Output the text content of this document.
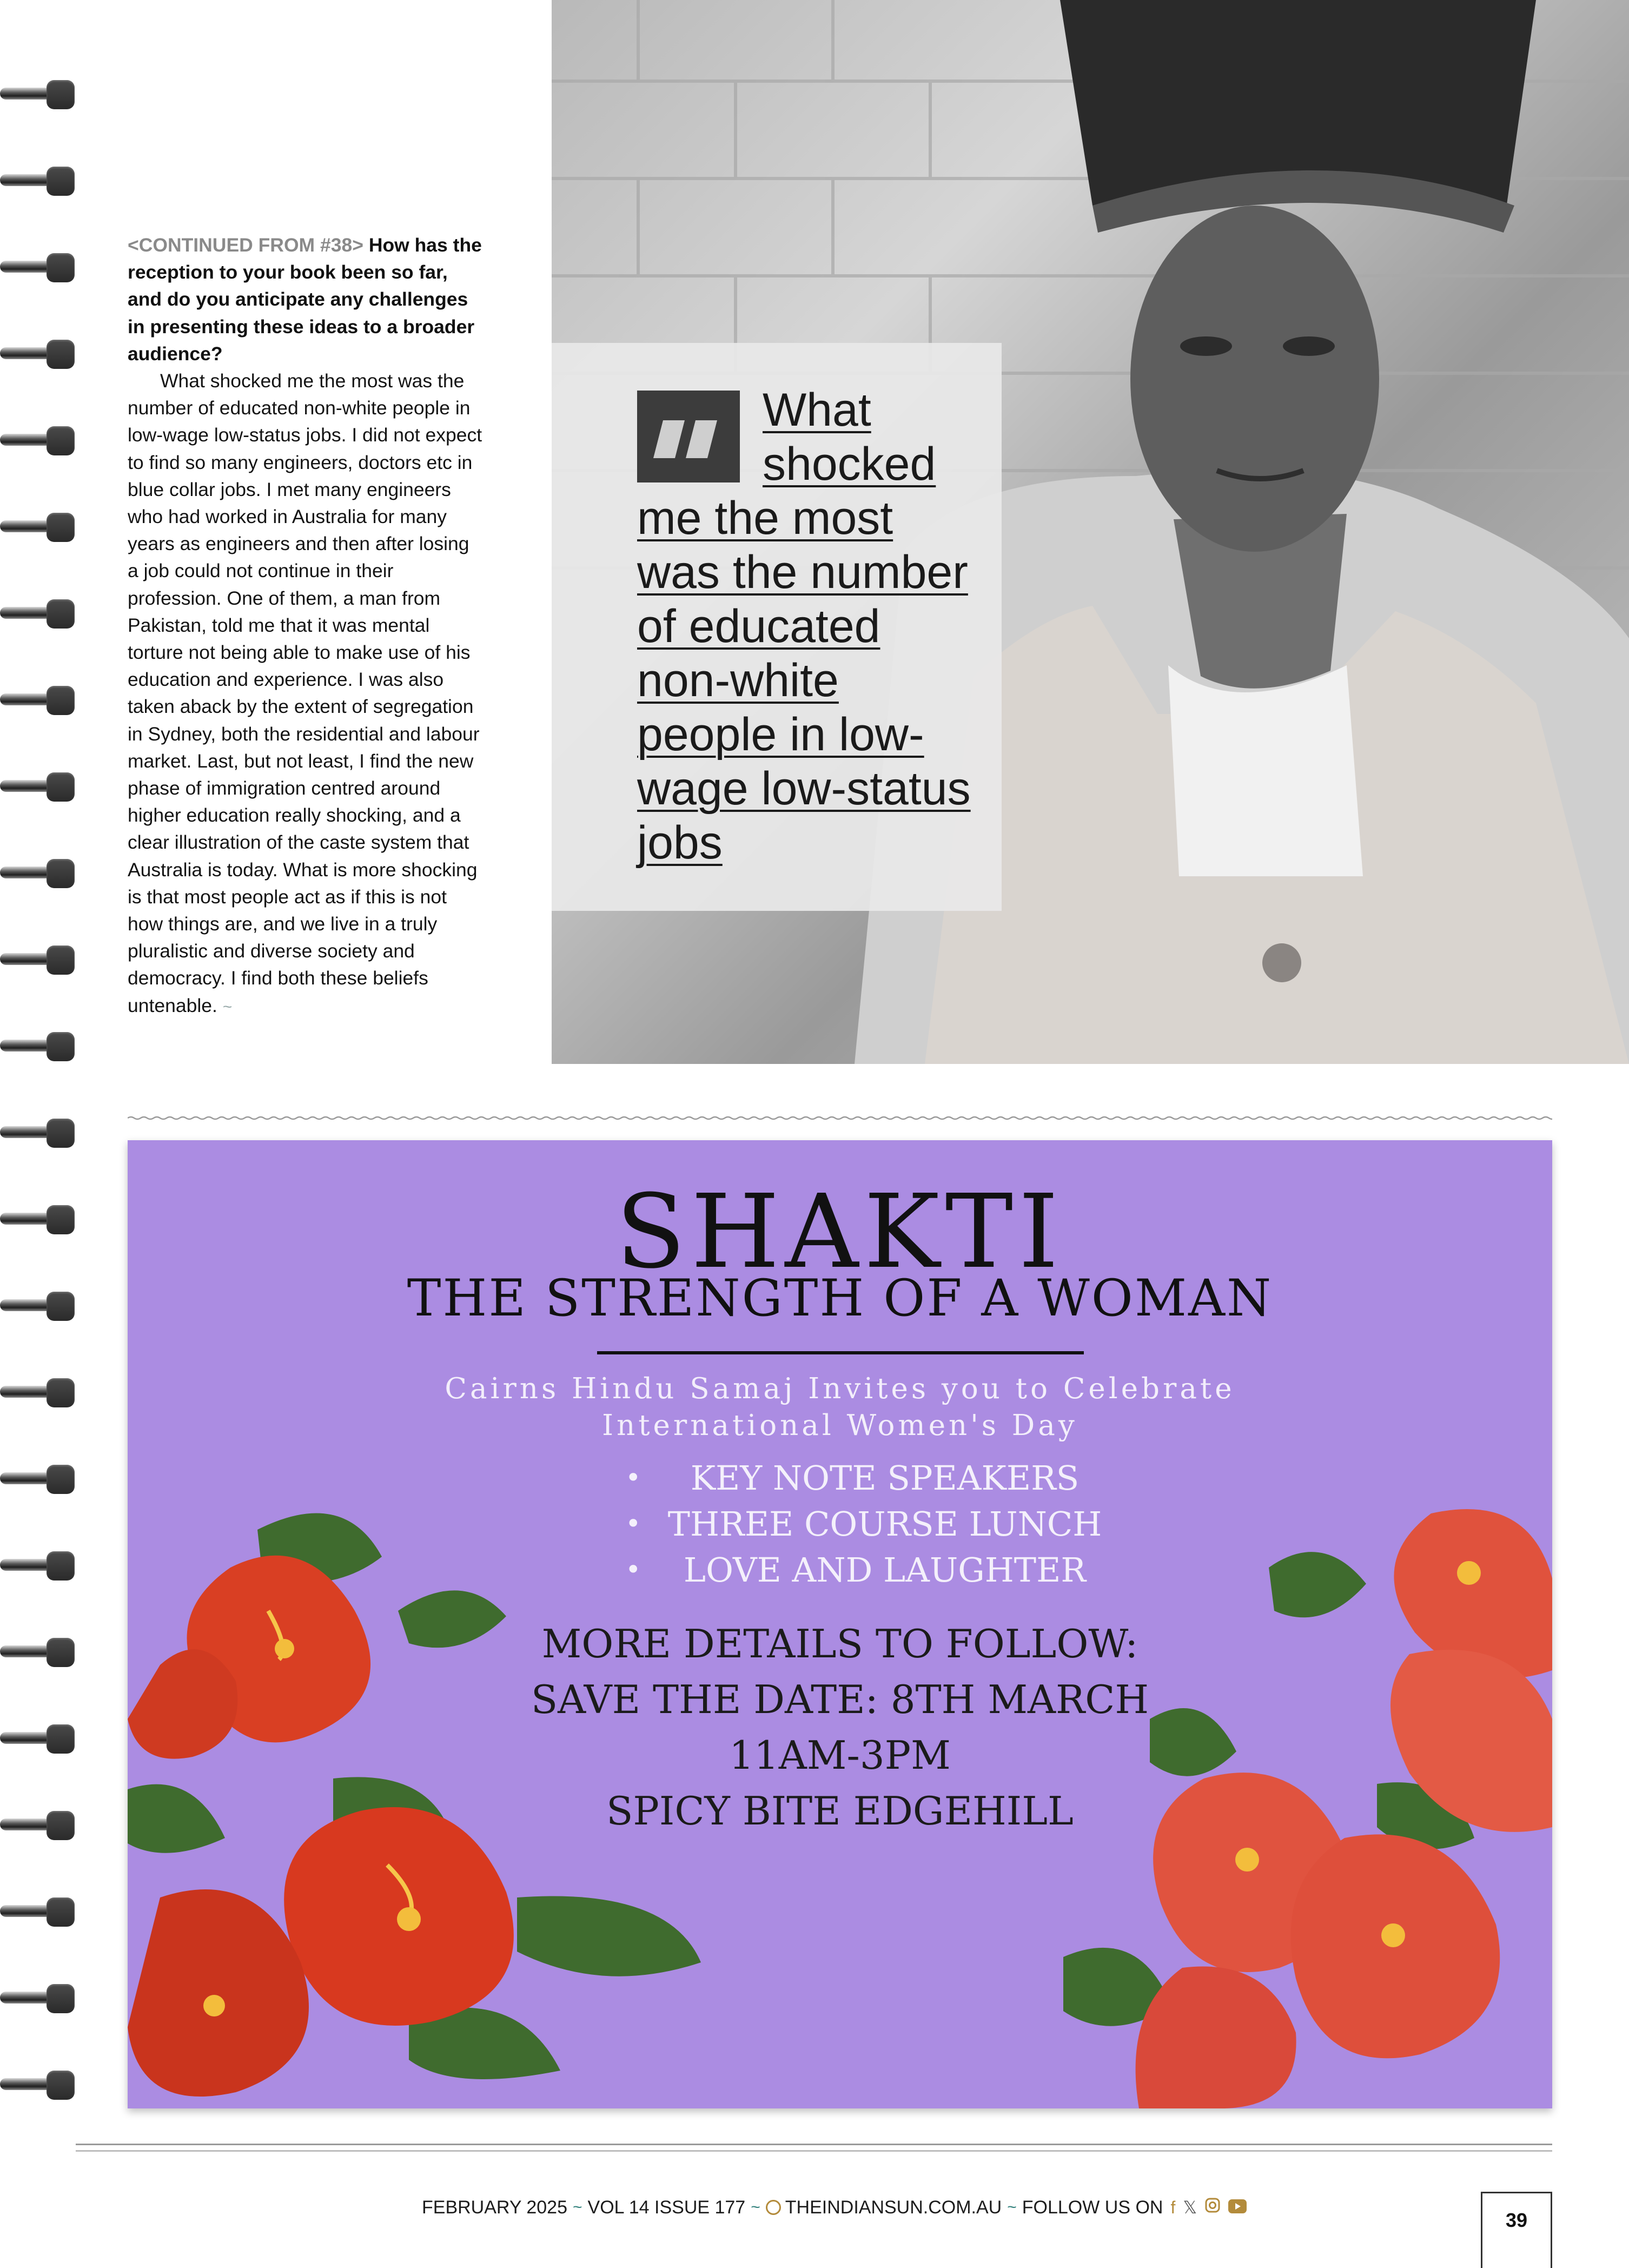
<CONTINUED FROM #38> How has the reception to your book been so far, and do you anticipate any challenges in presenting these ideas to a broader audience?

What shocked me the most was the number of educated non-white people in low-wage low-status jobs. I did not expect to find so many engineers, doctors etc in blue collar jobs. I met many engineers who had worked in Australia for many years as engineers and then after losing a job could not continue in their profession. One of them, a man from Pakistan, told me that it was mental torture not being able to make use of his education and experience. I was also taken aback by the extent of segregation in Sydney, both the residential and labour market. Last, but not least, I find the new phase of immigration centred around higher education really shocking, and a clear illustration of the caste system that Australia is today. What is more shocking is that most people act as if this is not how things are, and we live in a truly pluralistic and diverse society and democracy. I find both these beliefs untenable. ~

What shocked me the most was the number of educated non-white people in low-wage low-status jobs
SHAKTI
THE STRENGTH OF A WOMAN
Cairns Hindu Samaj Invites you to Celebrate
International Women's Day
• KEY NOTE SPEAKERS
• THREE COURSE LUNCH
• LOVE AND LAUGHTER
MORE DETAILS TO FOLLOW:
SAVE THE DATE: 8TH MARCH
11AM-3PM
SPICY BITE EDGEHILL
FEBRUARY 2025 ~ VOL 14 ISSUE 177 ~ THEINDIANSUN.COM.AU ~ FOLLOW US ON f 𝕏
39
